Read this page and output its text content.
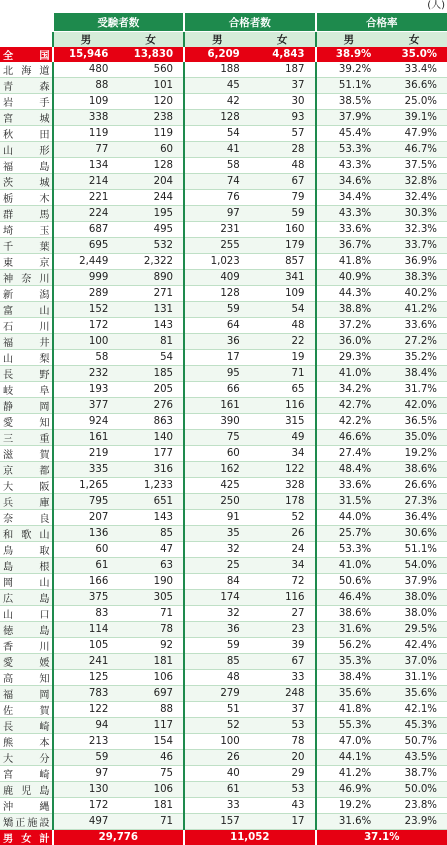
(人)
	受験者数		合格者数		合格率	
	男	女	男	女	男	女
全 国	15,946	13,830	6,209	4,843	38.9%	35.0%
北海道	480	560	188	187	39.2%	33.4%
青 森	88	101	45	37	51.1%	36.6%
岩 手	109	120	42	30	38.5%	25.0%
宮 城	338	238	128	93	37.9%	39.1%
秋 田	119	119	54	57	45.4%	47.9%
山 形	77	60	41	28	53.3%	46.7%
福 島	134	128	58	48	43.3%	37.5%
茨 城	214	204	74	67	34.6%	32.8%
栃 木	221	244	76	79	34.4%	32.4%
群 馬	224	195	97	59	43.3%	30.3%
埼 玉	687	495	231	160	33.6%	32.3%
千 葉	695	532	255	179	36.7%	33.7%
東 京	2,449	2,322	1,023	857	41.8%	36.9%
神奈川	999	890	409	341	40.9%	38.3%
新 潟	289	271	128	109	44.3%	40.2%
富 山	152	131	59	54	38.8%	41.2%
石 川	172	143	64	48	37.2%	33.6%
福 井	100	81	36	22	36.0%	27.2%
山 梨	58	54	17	19	29.3%	35.2%
長 野	232	185	95	71	41.0%	38.4%
岐 阜	193	205	66	65	34.2%	31.7%
静 岡	377	276	161	116	42.7%	42.0%
愛 知	924	863	390	315	42.2%	36.5%
三 重	161	140	75	49	46.6%	35.0%
滋 賀	219	177	60	34	27.4%	19.2%
京 都	335	316	162	122	48.4%	38.6%
大 阪	1,265	1,233	425	328	33.6%	26.6%
兵 庫	795	651	250	178	31.5%	27.3%
奈 良	207	143	91	52	44.0%	36.4%
和歌山	136	85	35	26	25.7%	30.6%
鳥 取	60	47	32	24	53.3%	51.1%
島 根	61	63	25	34	41.0%	54.0%
岡 山	166	190	84	72	50.6%	37.9%
広 島	375	305	174	116	46.4%	38.0%
山 口	83	71	32	27	38.6%	38.0%
徳 島	114	78	36	23	31.6%	29.5%
香 川	105	92	59	39	56.2%	42.4%
愛 媛	241	181	85	67	35.3%	37.0%
高 知	125	106	48	33	38.4%	31.1%
福 岡	783	697	279	248	35.6%	35.6%
佐 賀	122	88	51	37	41.8%	42.1%
長 崎	94	117	52	53	55.3%	45.3%
熊 本	213	154	100	78	47.0%	50.7%
大 分	59	46	26	20	44.1%	43.5%
宮 崎	97	75	40	29	41.2%	38.7%
鹿児島	130	106	61	53	46.9%	50.0%
沖 縄	172	181	33	43	19.2%	23.8%
矯正施設	497	71	157	17	31.6%	23.9%
男女計	29,776		11,052		37.1%	
